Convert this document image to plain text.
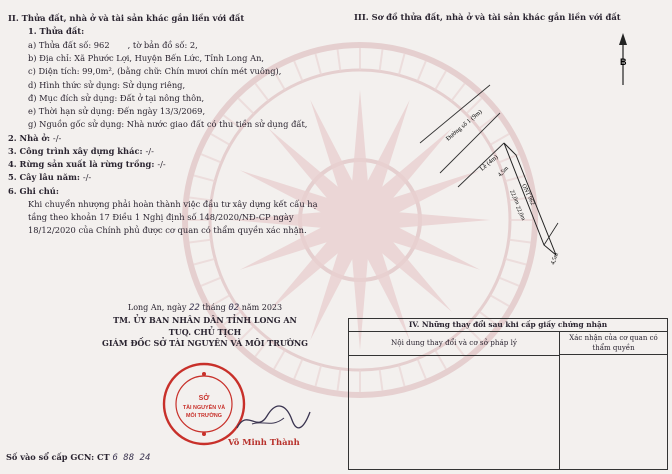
II. Thửa đất, nhà ở và tài sản khác gắn liền với đất
1. Thửa đất:
a) Thửa đất số: 962 , tờ bản đồ số: 2,
b) Địa chỉ: Xã Phước Lợi, Huyện Bến Lức, Tỉnh Long An,
c) Diện tích: 99,0m², (bằng chữ: Chín mươi chín mét vuông),
d) Hình thức sử dụng: Sử dụng riêng,
đ) Mục đích sử dụng: Đất ở tại nông thôn,
e) Thời hạn sử dụng: Đến ngày 13/3/2069,
g) Nguồn gốc sử dụng: Nhà nước giao đất có thu tiền sử dụng đất,
2. Nhà ở: -/-
3. Công trình xây dựng khác: -/-
4. Rừng sản xuất là rừng trồng: -/-
5. Cây lâu năm: -/-
6. Ghi chú:
Khi chuyển nhượng phải hoàn thành việc đầu tư xây dựng kết cấu hạ tầng theo khoản 17 Điều 1 Nghị định số 148/2020/NĐ-CP ngày 18/12/2020 của Chính phủ được cơ quan có thẩm quyền xác nhận.
III. Sơ đồ thửa đất, nhà ở và tài sản khác gắn liền với đất
B
Đường số 1 (9m)
Lề (4m)
22,0m ONT 962
22,0m
4,5m
4,5m
Long An, ngày 22 tháng 02 năm 2023
TM. ỦY BAN NHÂN DÂN TỈNH LONG AN
TUQ. CHỦ TỊCH
GIÁM ĐỐC SỞ TÀI NGUYÊN VÀ MÔI TRƯỜNG
SỞ
TÀI NGUYÊN VÀ
MÔI TRƯỜNG
Võ Minh Thành
IV. Những thay đổi sau khi cấp giấy chứng nhận
Nội dung thay đổi và cơ sở pháp lý	Xác nhận của cơ quan có thẩm quyền
Số vào sổ cấp GCN: CT 6 88 24
